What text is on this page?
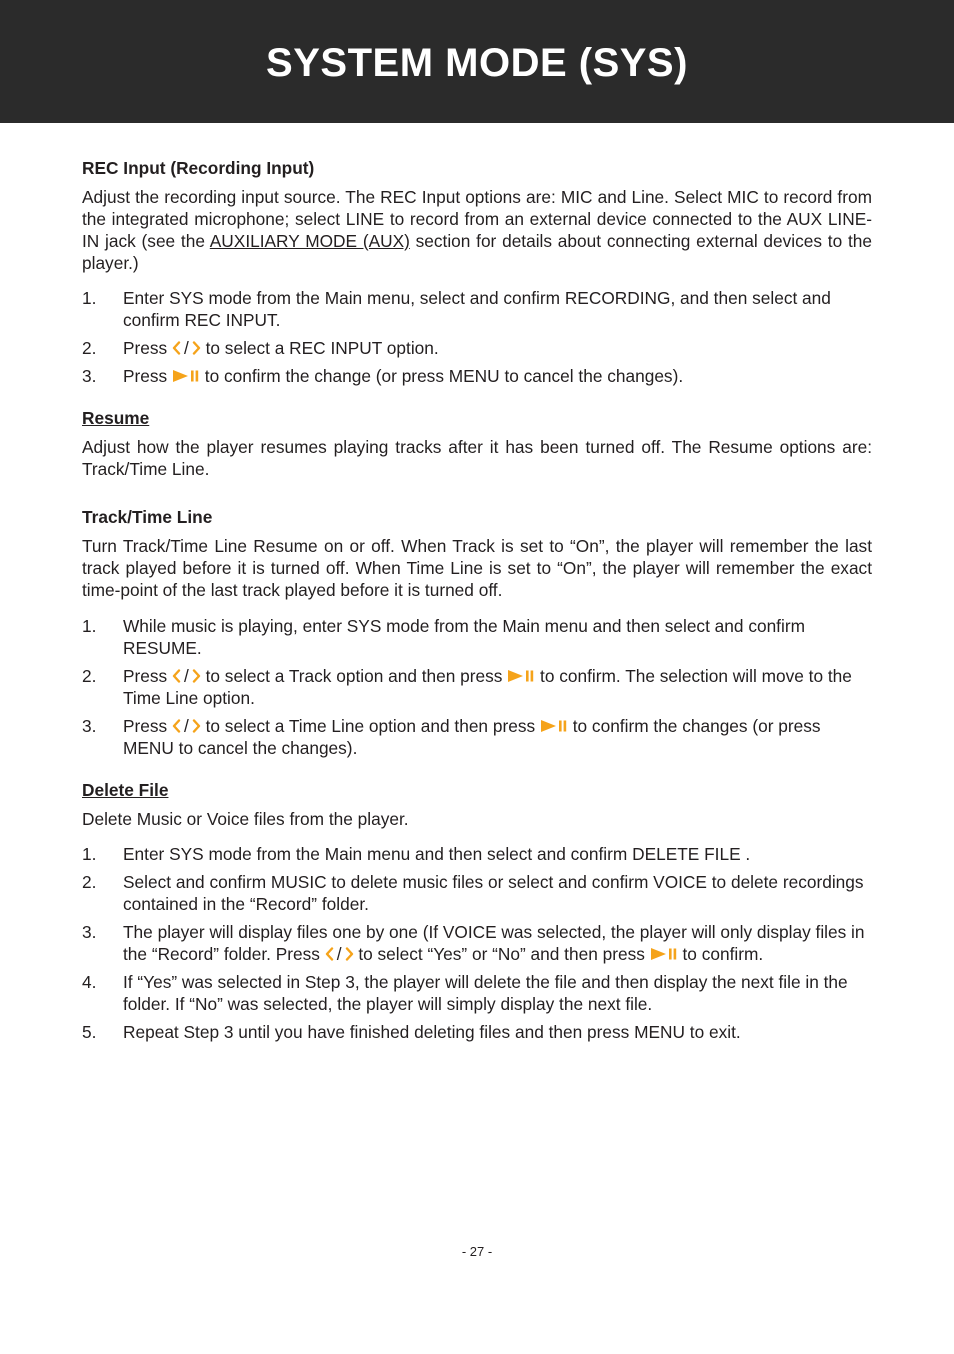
SYSTEM MODE (SYS)
REC Input (Recording Input)

Adjust the recording input source. The REC Input options are: MIC and Line. Select MIC to record from the integrated microphone; select LINE to record from an external device connected to the AUX LINE-IN jack (see the AUXILIARY MODE (AUX) section for details about connecting external devices to the player.)

1. Enter SYS mode from the Main menu, select and confirm RECORDING, and then select and confirm REC INPUT.
2. Press / to select a REC INPUT option.
3. Press  to confirm the change (or press MENU to cancel the changes).
Resume

Adjust how the player resumes playing tracks after it has been turned off. The Resume options are: Track/Time Line.

Track/Time Line

Turn Track/Time Line Resume on or off. When Track is set to “On”, the player will remember the last track played before it is turned off. When Time Line is set to “On”, the player will remember the exact time-point of the last track played before it is turned off.

1. While music is playing, enter SYS mode from the Main menu and then select and confirm RESUME.
2. Press / to select a Track option and then press  to confirm. The selection will move to the Time Line option.
3. Press / to select a Time Line option and then press  to confirm the changes (or press MENU to cancel the changes).
Delete File

Delete Music or Voice files from the player.

1. Enter SYS mode from the Main menu and then select and confirm DELETE FILE .
2. Select and confirm MUSIC to delete music files or select and confirm VOICE to delete recordings contained in the “Record” folder.
3. The player will display files one by one (If VOICE was selected, the player will only display files in the “Record” folder. Press / to select “Yes” or “No” and then press  to confirm.
4. If “Yes” was selected in Step 3, the player will delete the file and then display the next file in the folder. If “No” was selected, the player will simply display the next file.
5. Repeat Step 3 until you have finished deleting files and then press MENU to exit.
- 27 -
